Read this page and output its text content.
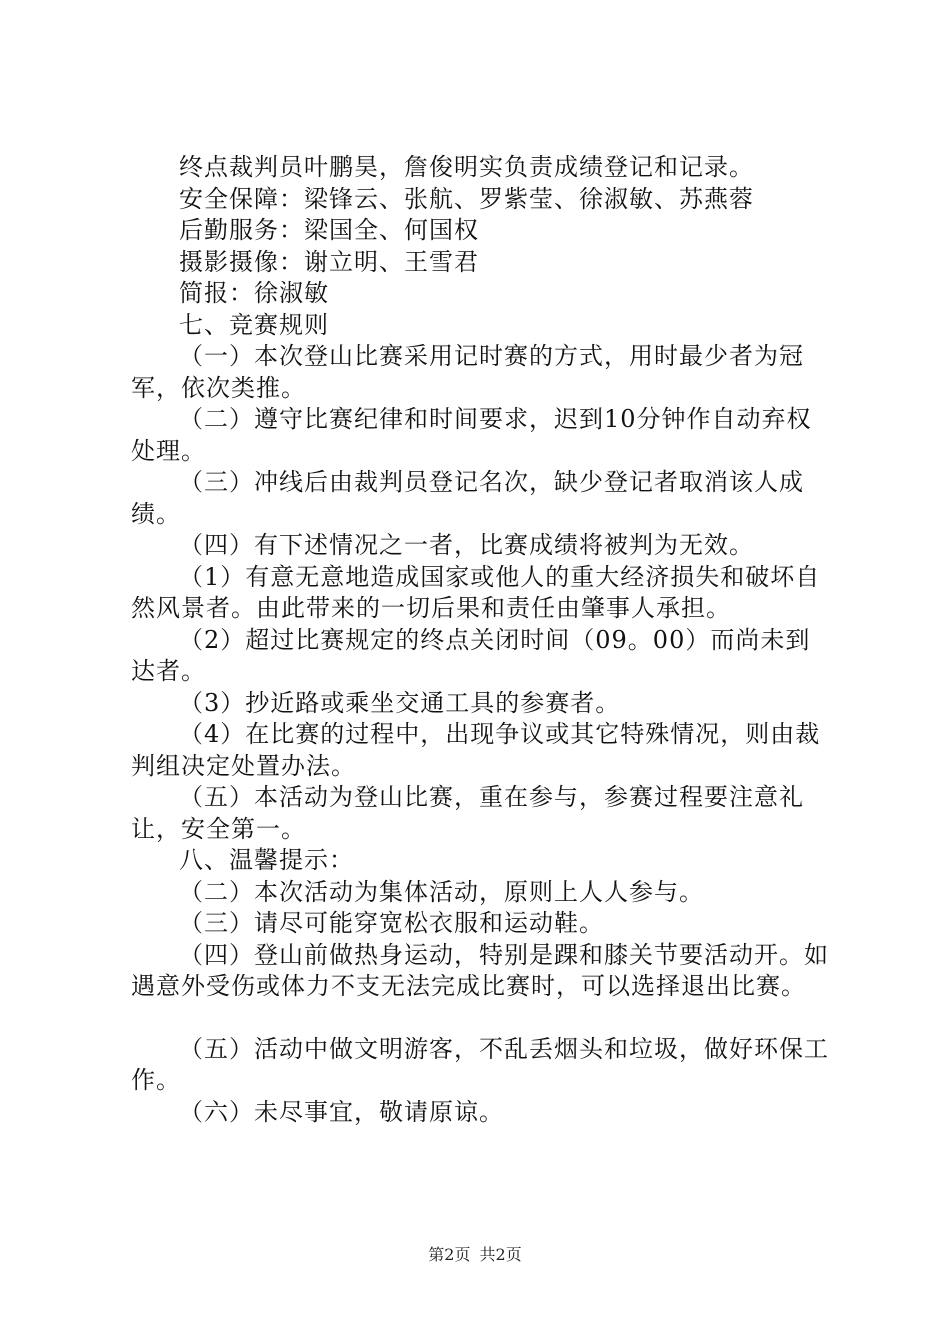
终点裁判员叶鹏昊，詹俊明实负责成绩登记和记录。

安全保障：梁锋云、张航、罗紫莹、徐淑敏、苏燕蓉

后勤服务：梁国全、何国权

摄影摄像：谢立明、王雪君

简报：徐淑敏

七、竞赛规则

（一）本次登山比赛采用记时赛的方式，用时最少者为冠军，依次类推。

（二）遵守比赛纪律和时间要求，迟到10分钟作自动弃权处理。

（三）冲线后由裁判员登记名次，缺少登记者取消该人成绩。

（四）有下述情况之一者，比赛成绩将被判为无效。

（1）有意无意地造成国家或他人的重大经济损失和破坏自然风景者。由此带来的一切后果和责任由肇事人承担。

（2）超过比赛规定的终点关闭时间（09。00）而尚未到达者。

（3）抄近路或乘坐交通工具的参赛者。

（4）在比赛的过程中，出现争议或其它特殊情况，则由裁判组决定处置办法。

（五）本活动为登山比赛，重在参与，参赛过程要注意礼让，安全第一。

八、温馨提示：

（二）本次活动为集体活动，原则上人人参与。

（三）请尽可能穿宽松衣服和运动鞋。

（四）登山前做热身运动，特别是踝和膝关节要活动开。如遇意外受伤或体力不支无法完成比赛时，可以选择退出比赛。

（五）活动中做文明游客，不乱丢烟头和垃圾，做好环保工作。

（六）未尽事宜，敬请原谅。

第2页 共2页
